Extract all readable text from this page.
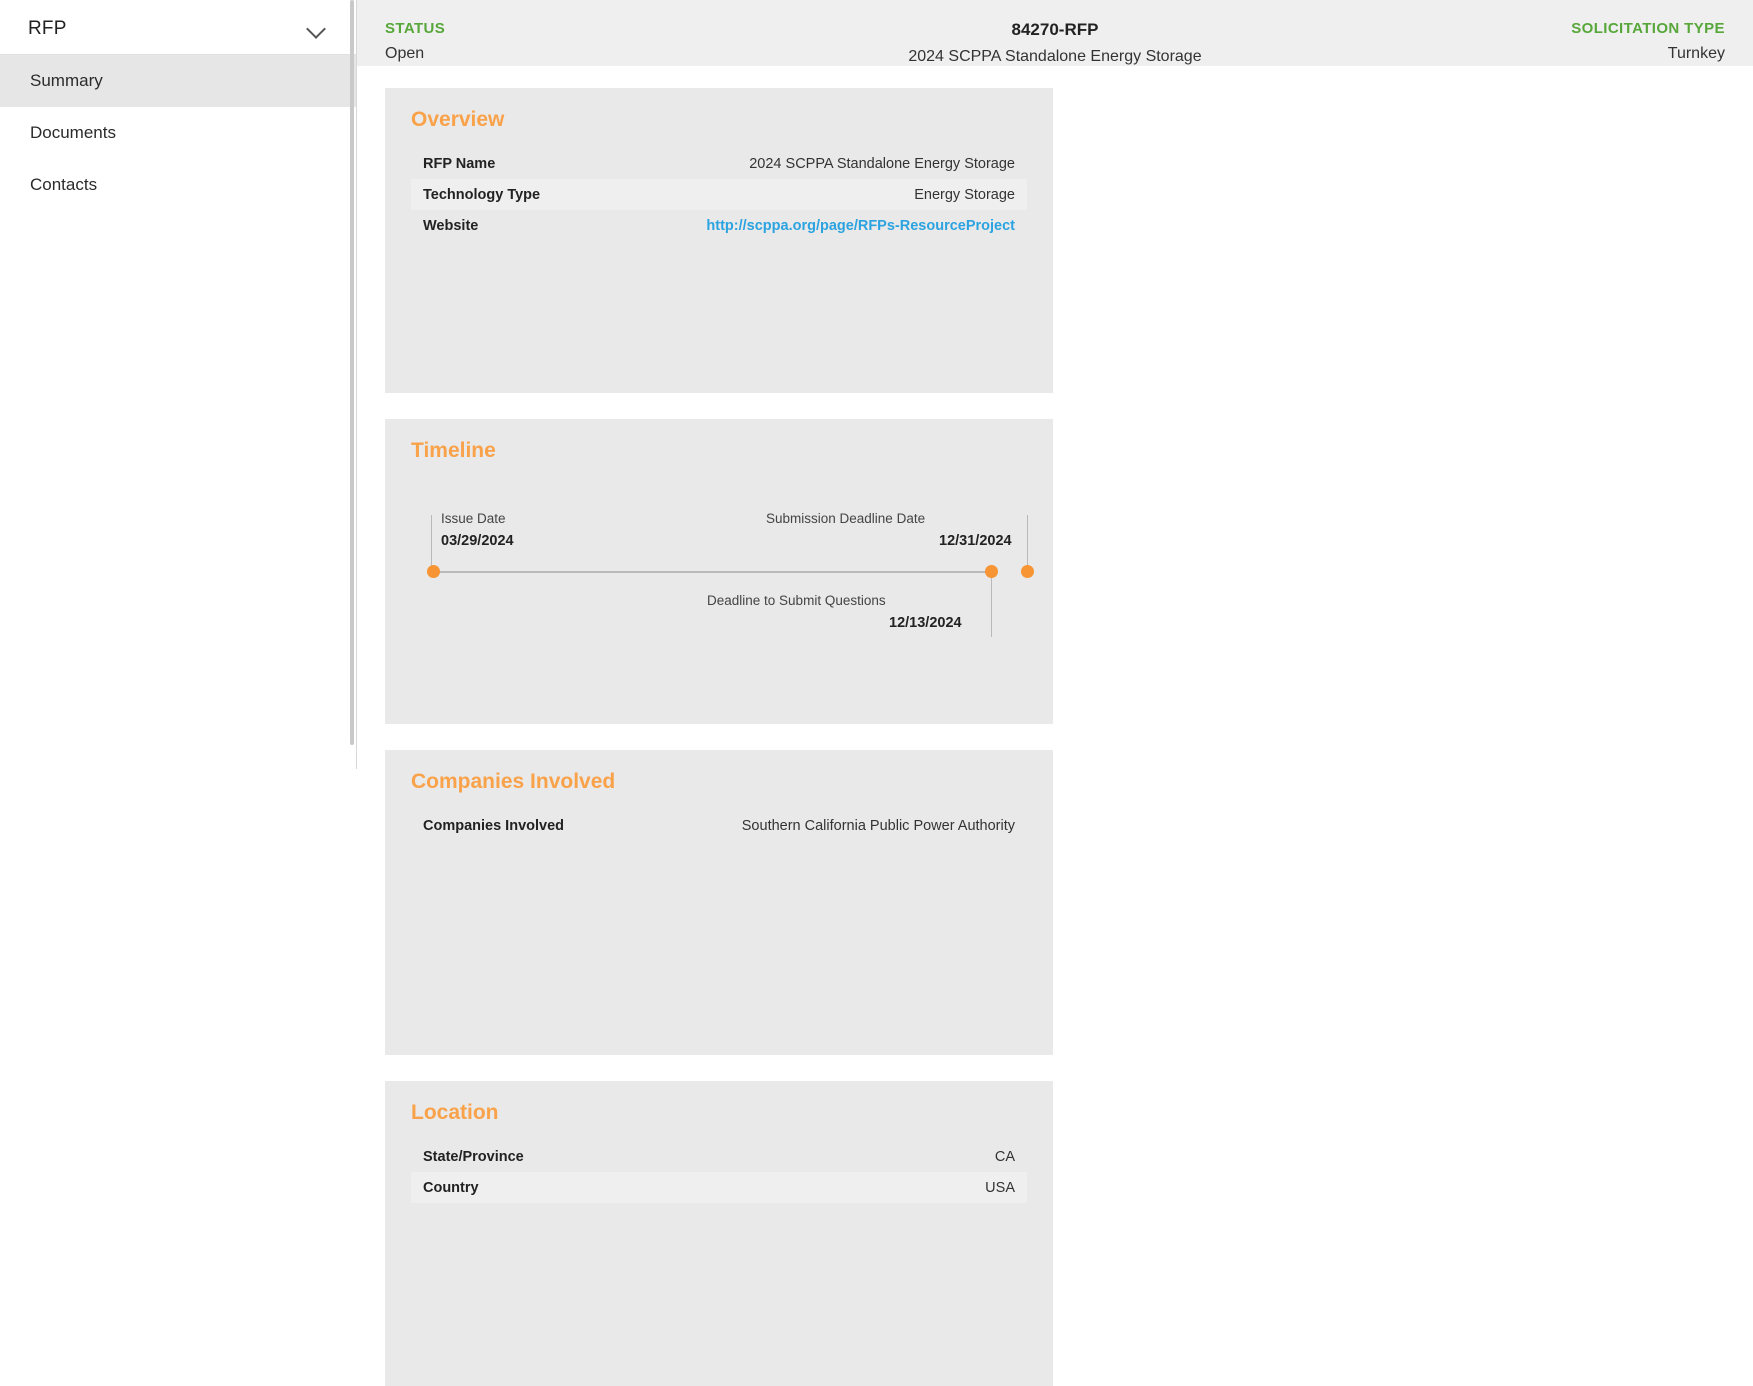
RFP
Summary
Documents
Contacts
STATUS
Open
84270-RFP
2024 SCPPA Standalone Energy Storage
SOLICITATION TYPE
Turnkey
Overview
RFP Name	2024 SCPPA Standalone Energy Storage
Technology Type	Energy Storage
Website	http://scppa.org/page/RFPs-ResourceProject
Timeline
Issue Date
03/29/2024
Deadline to Submit Questions
12/13/2024
Submission Deadline Date
12/31/2024
Companies Involved
Companies Involved	Southern California Public Power Authority
Location
State/Province	CA
Country	USA
